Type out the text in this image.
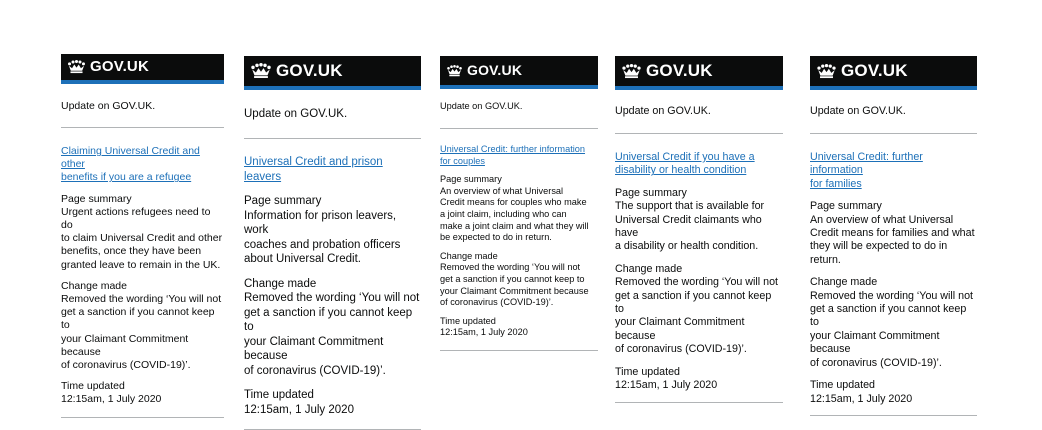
GOV.UK

Update on GOV.UK.

Claiming Universal Credit and other
benefits if you are a refugee
Page summary
Urgent actions refugees need to do
to claim Universal Credit and other
benefits, once they have been
granted leave to remain in the UK.
Change made
Removed the wording ‘You will not
get a sanction if you cannot keep to
your Claimant Commitment because
of coronavirus (COVID-19)’.
Time updated
12:15am, 1 July 2020
GOV.UK

Update on GOV.UK.

Universal Credit and prison leavers
Page summary
Information for prison leavers, work
coaches and probation officers
about Universal Credit.
Change made
Removed the wording ‘You will not
get a sanction if you cannot keep to
your Claimant Commitment because
of coronavirus (COVID-19)’.
Time updated
12:15am, 1 July 2020
GOV.UK

Update on GOV.UK.

Universal Credit: further information
for couples
Page summary
An overview of what Universal
Credit means for couples who make
a joint claim, including who can
make a joint claim and what they will
be expected to do in return.
Change made
Removed the wording ‘You will not
get a sanction if you cannot keep to
your Claimant Commitment because
of coronavirus (COVID-19)’.
Time updated
12:15am, 1 July 2020
GOV.UK

Update on GOV.UK.

Universal Credit if you have a
disability or health condition
Page summary
The support that is available for
Universal Credit claimants who have
a disability or health condition.
Change made
Removed the wording ‘You will not
get a sanction if you cannot keep to
your Claimant Commitment because
of coronavirus (COVID-19)’.
Time updated
12:15am, 1 July 2020
GOV.UK

Update on GOV.UK.

Universal Credit: further information
for families
Page summary
An overview of what Universal
Credit means for families and what
they will be expected to do in return.
Change made
Removed the wording ‘You will not
get a sanction if you cannot keep to
your Claimant Commitment because
of coronavirus (COVID-19)’.
Time updated
12:15am, 1 July 2020
